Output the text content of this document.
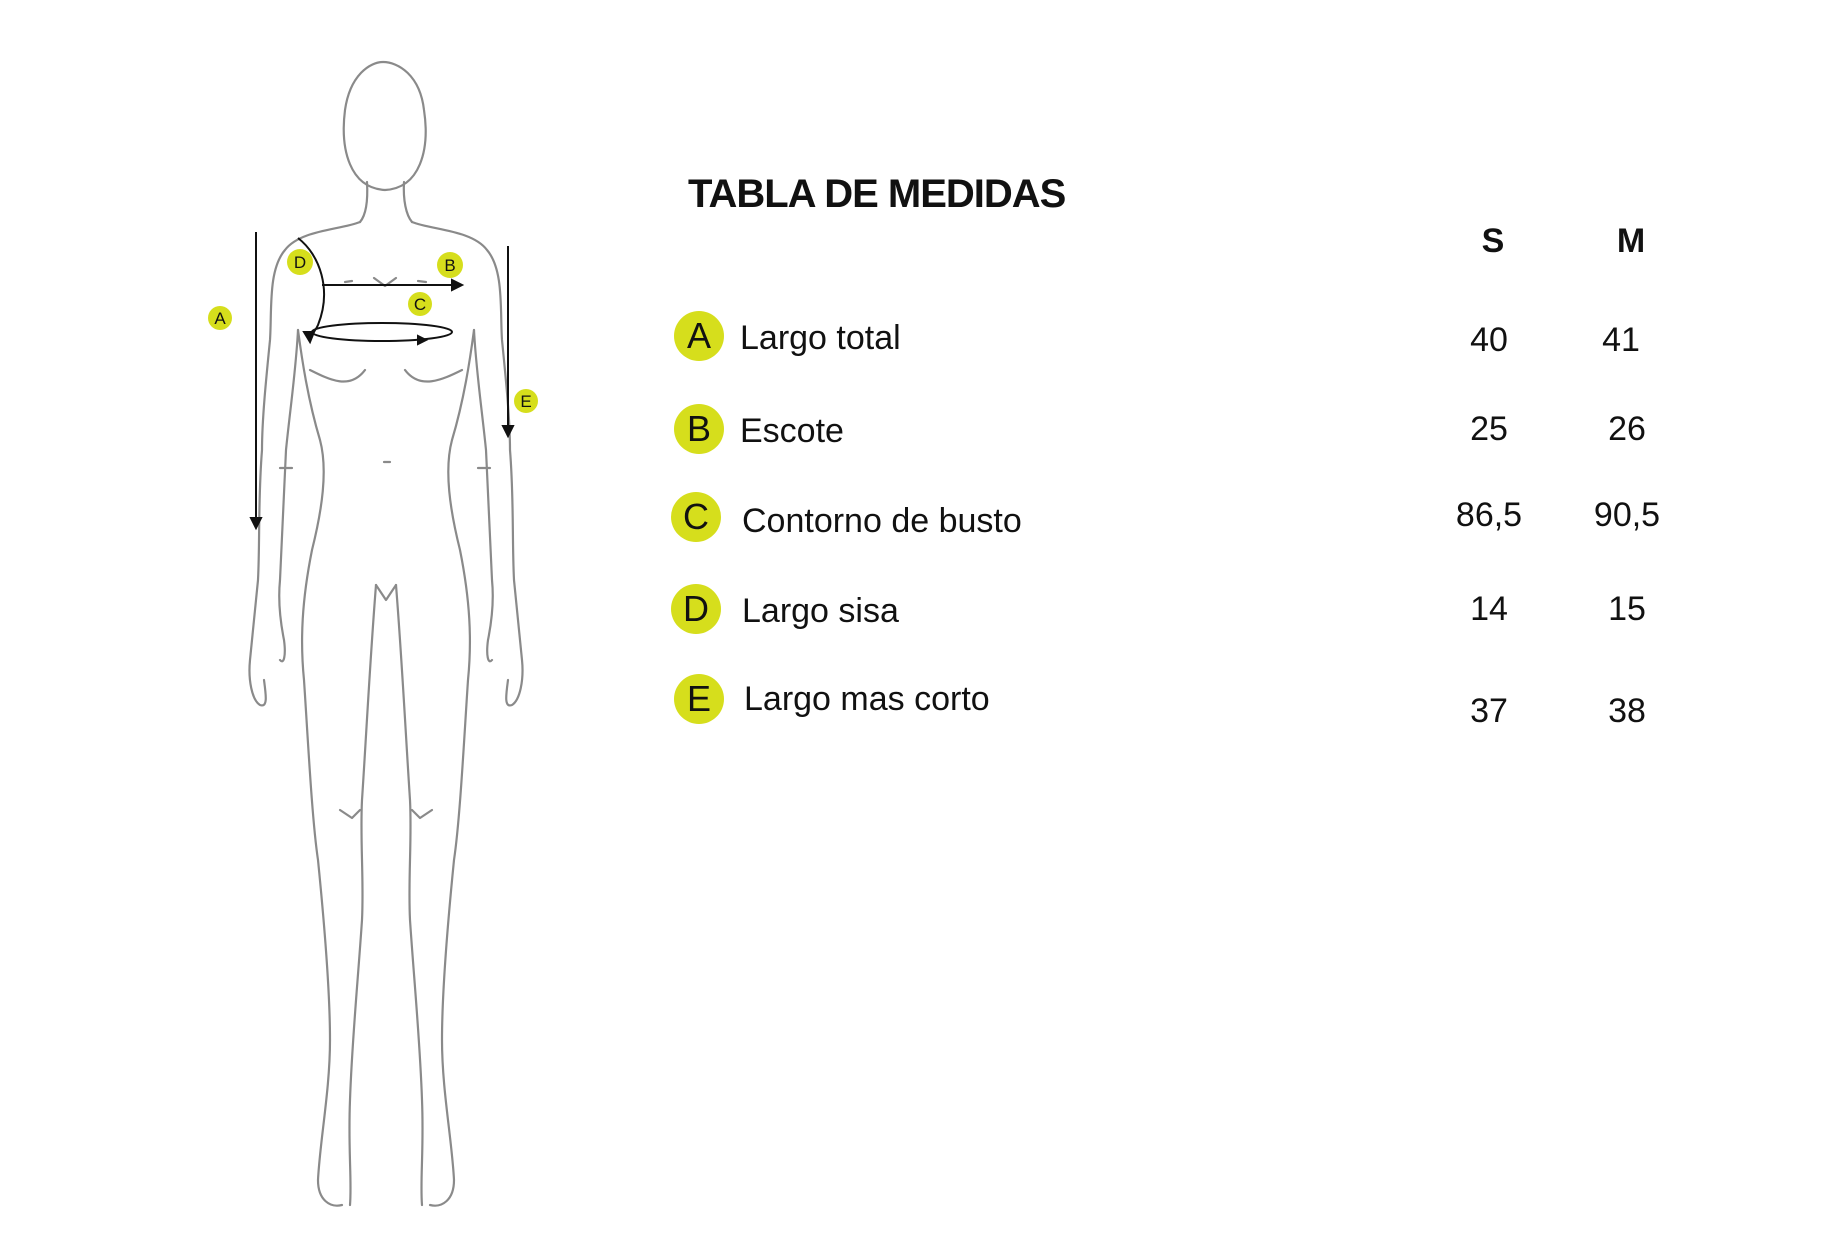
A
D	B
C
E
TABLA DE MEDIDAS
S	M
A Largo total	40	41
B Escote	25	26
C Contorno de busto	86,5	90,5
D Largo sisa	14	15
E Largo mas corto	37	38
